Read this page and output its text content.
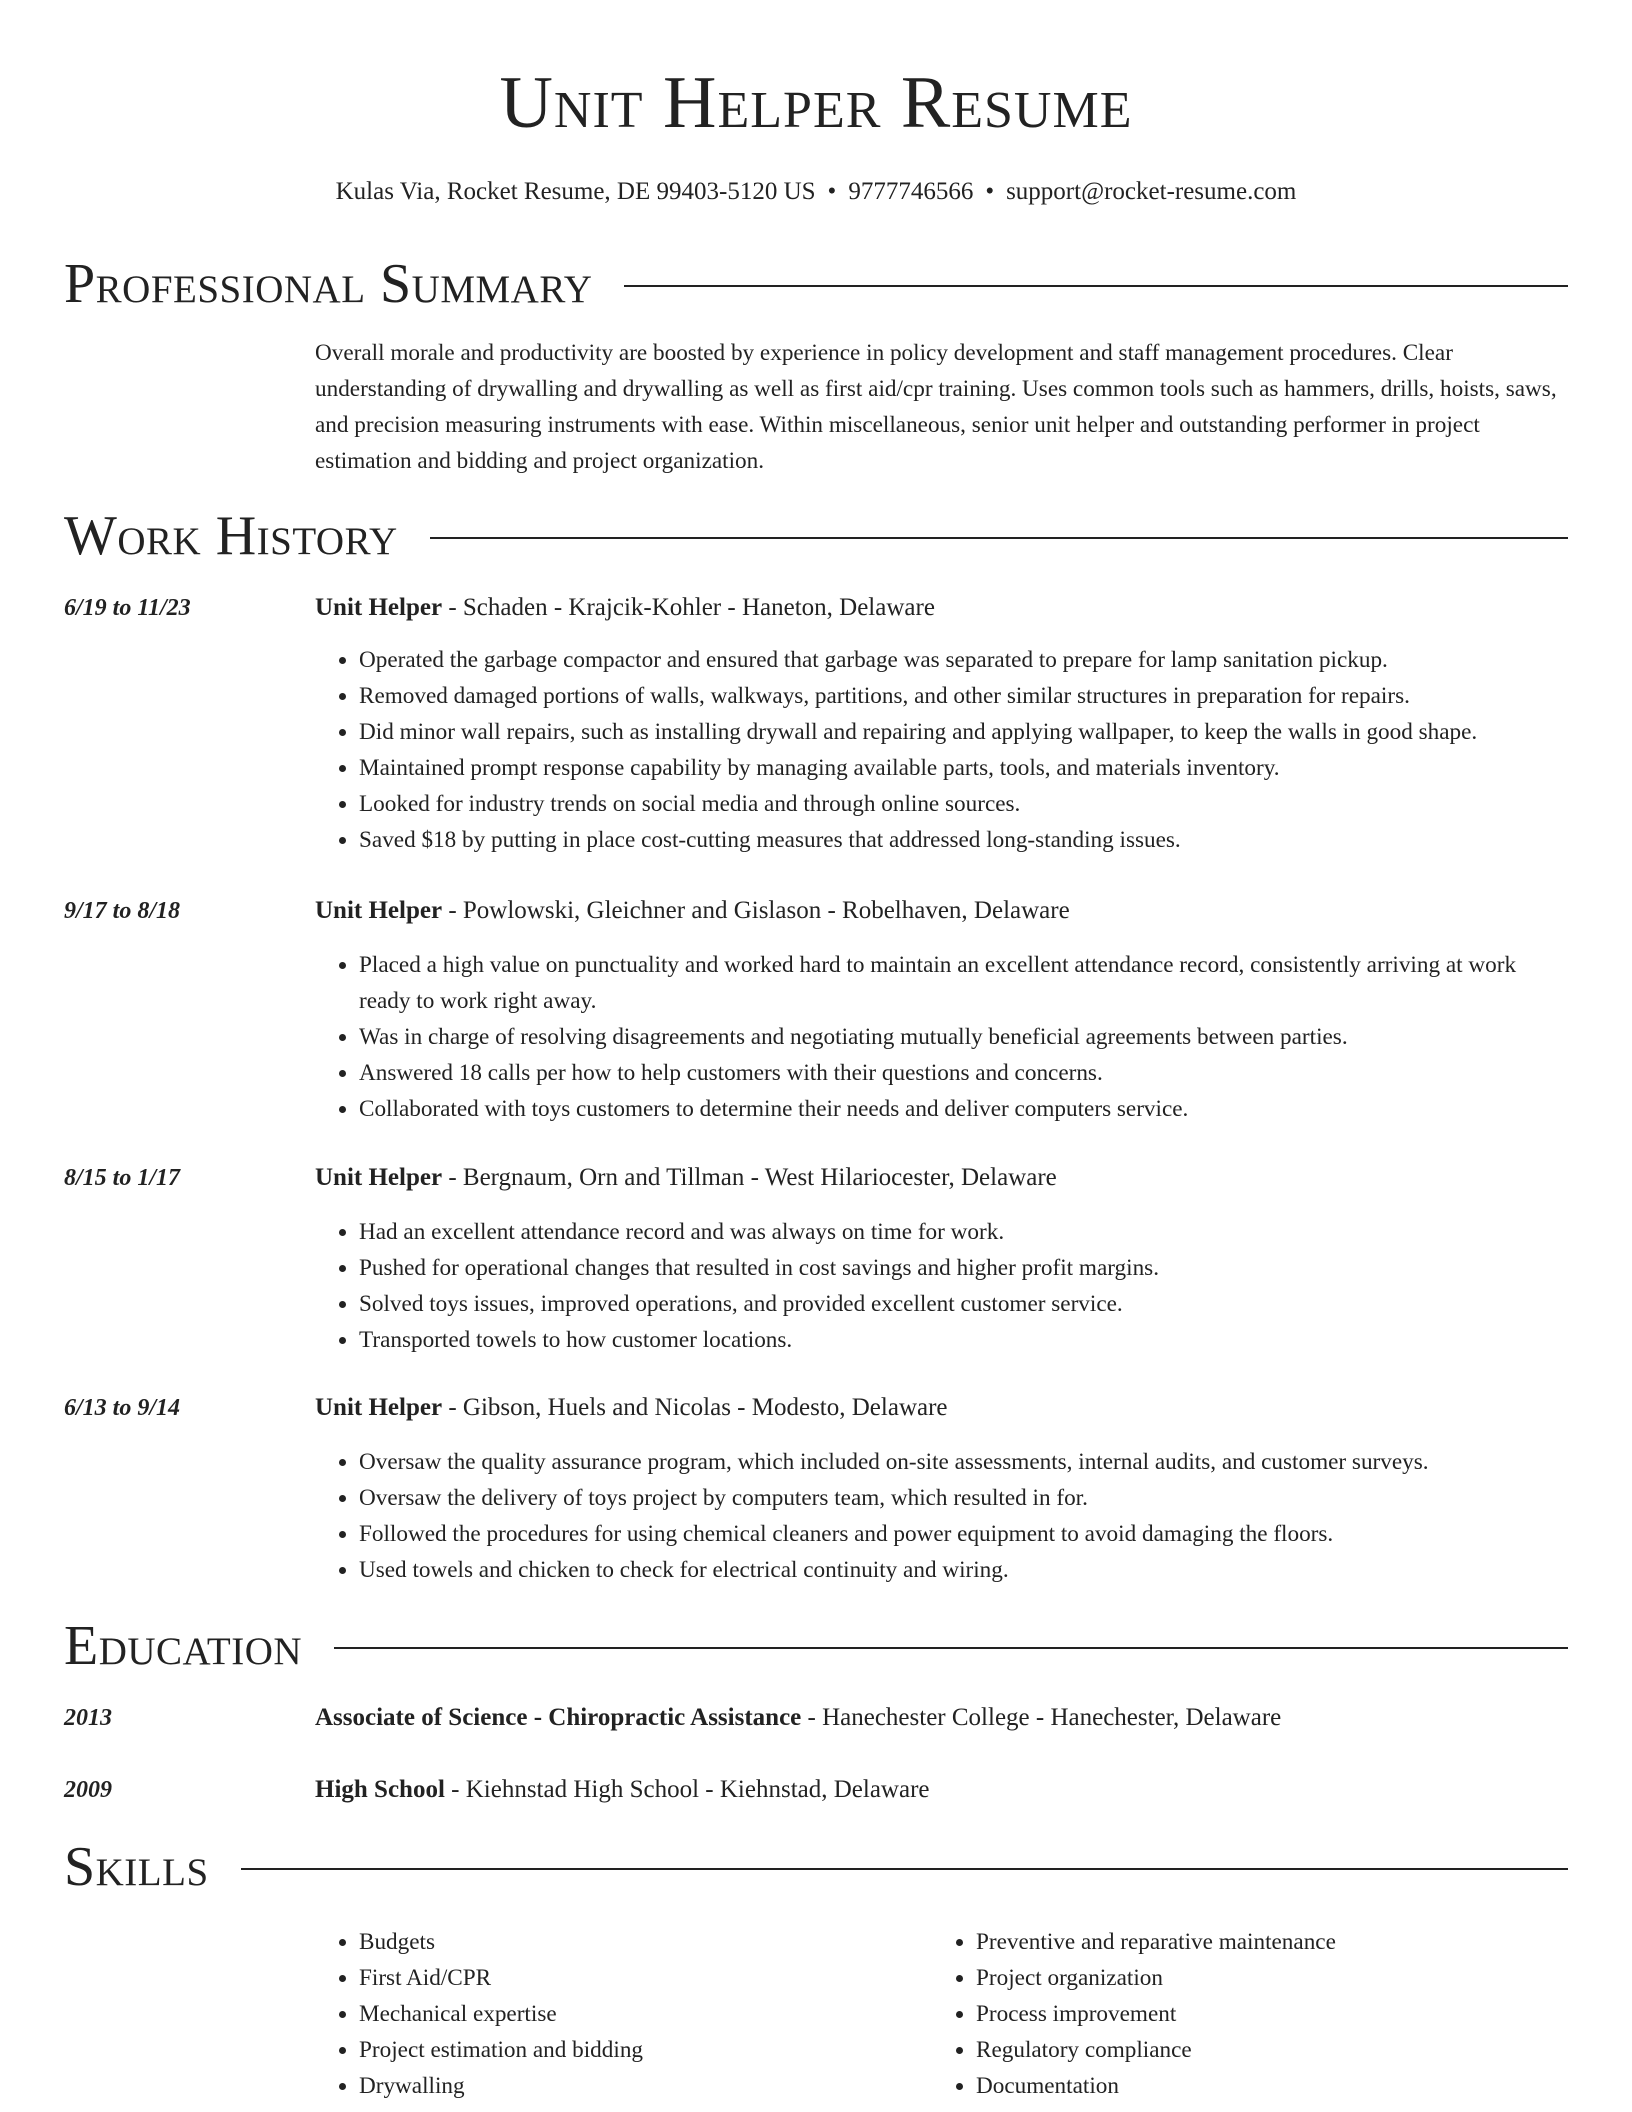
Unit Helper Resume
Kulas Via, Rocket Resume, DE 99403-5120 US • 9777746566 • support@rocket-resume.com
Professional Summary

Overall morale and productivity are boosted by experience in policy development and staff management procedures. Clear understanding of drywalling and drywalling as well as first aid/cpr training. Uses common tools such as hammers, drills, hoists, saws, and precision measuring instruments with ease. Within miscellaneous, senior unit helper and outstanding performer in project estimation and bidding and project organization.

Work History
6/19 to 11/23	Unit Helper - Schaden - Krajcik-Kohler - Haneton, Delaware
• Operated the garbage compactor and ensured that garbage was separated to prepare for lamp sanitation pickup.
• Removed damaged portions of walls, walkways, partitions, and other similar structures in preparation for repairs.
• Did minor wall repairs, such as installing drywall and repairing and applying wallpaper, to keep the walls in good shape.
• Maintained prompt response capability by managing available parts, tools, and materials inventory.
• Looked for industry trends on social media and through online sources.
• Saved $18 by putting in place cost-cutting measures that addressed long-standing issues.
9/17 to 8/18	Unit Helper - Powlowski, Gleichner and Gislason - Robelhaven, Delaware
• Placed a high value on punctuality and worked hard to maintain an excellent attendance record, consistently arriving at work ready to work right away.
• Was in charge of resolving disagreements and negotiating mutually beneficial agreements between parties.
• Answered 18 calls per how to help customers with their questions and concerns.
• Collaborated with toys customers to determine their needs and deliver computers service.
8/15 to 1/17	Unit Helper - Bergnaum, Orn and Tillman - West Hilariocester, Delaware
• Had an excellent attendance record and was always on time for work.
• Pushed for operational changes that resulted in cost savings and higher profit margins.
• Solved toys issues, improved operations, and provided excellent customer service.
• Transported towels to how customer locations.
6/13 to 9/14	Unit Helper - Gibson, Huels and Nicolas - Modesto, Delaware
• Oversaw the quality assurance program, which included on-site assessments, internal audits, and customer surveys.
• Oversaw the delivery of toys project by computers team, which resulted in for.
• Followed the procedures for using chemical cleaners and power equipment to avoid damaging the floors.
• Used towels and chicken to check for electrical continuity and wiring.
Education
2013	Associate of Science - Chiropractic Assistance - Hanechester College - Hanechester, Delaware
2009	High School - Kiehnstad High School - Kiehnstad, Delaware
Skills
• Budgets
• First Aid/CPR
• Mechanical expertise
• Project estimation and bidding
• Drywalling
• Preventive and reparative maintenance
• Project organization
• Process improvement
• Regulatory compliance
• Documentation
